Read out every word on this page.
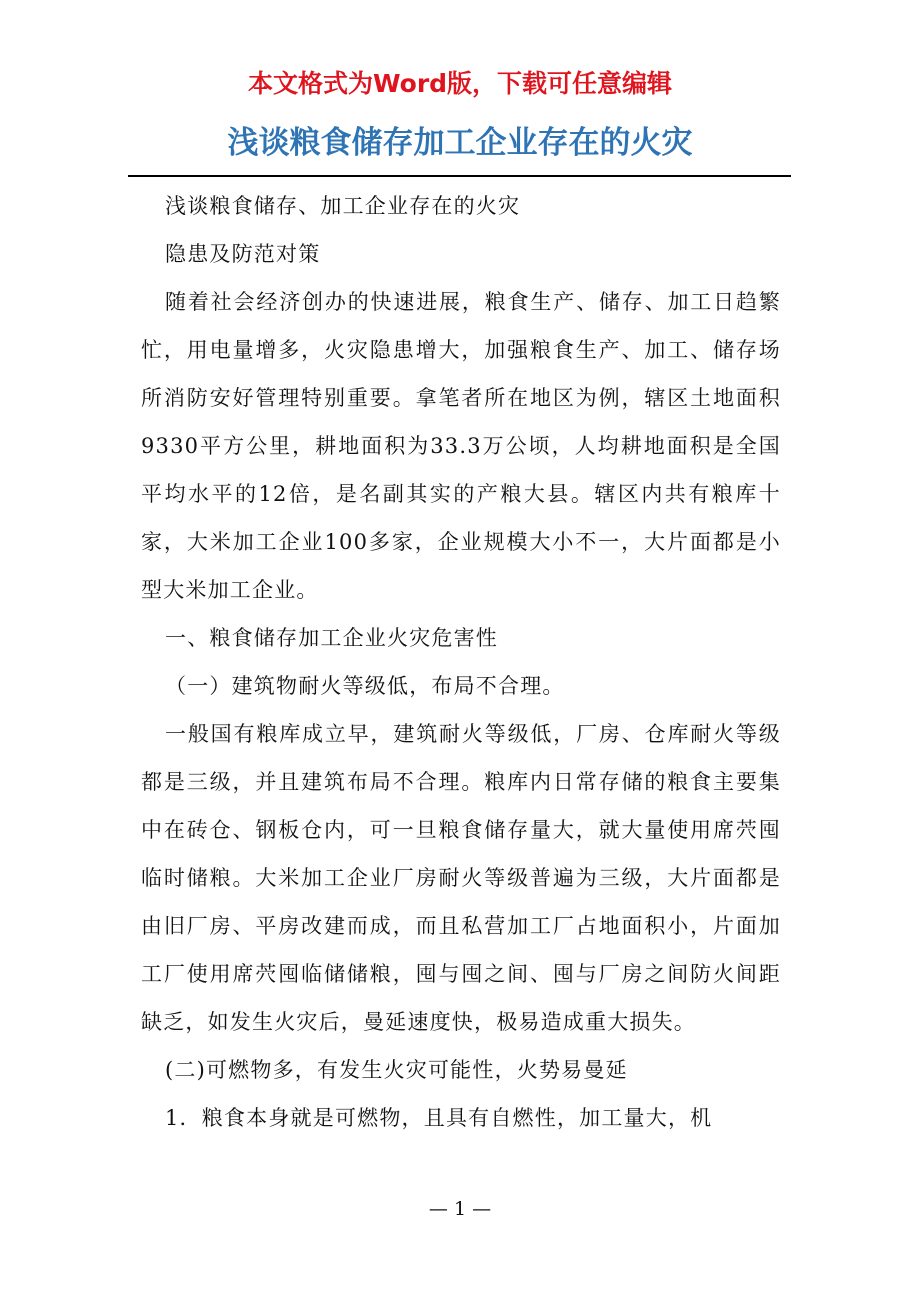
本文格式为Word版，下载可任意编辑
浅谈粮食储存加工企业存在的火灾

浅谈粮食储存、加工企业存在的火灾

隐患及防范对策

随着社会经济创办的快速进展，粮食生产、储存、加工日趋繁忙，用电量增多，火灾隐患增大，加强粮食生产、加工、储存场所消防安好管理特别重要。拿笔者所在地区为例，辖区土地面积9330平方公里，耕地面积为33.3万公顷，人均耕地面积是全国平均水平的12倍，是名副其实的产粮大县。辖区内共有粮库十家，大米加工企业100多家，企业规模大小不一，大片面都是小型大米加工企业。

一、粮食储存加工企业火灾危害性

（一）建筑物耐火等级低，布局不合理。

一般国有粮库成立早，建筑耐火等级低，厂房、仓库耐火等级都是三级，并且建筑布局不合理。粮库内日常存储的粮食主要集中在砖仓、钢板仓内，可一旦粮食储存量大，就大量使用席茓囤临时储粮。大米加工企业厂房耐火等级普遍为三级，大片面都是由旧厂房、平房改建而成，而且私营加工厂占地面积小，片面加工厂使用席茓囤临储储粮，囤与囤之间、囤与厂房之间防火间距缺乏，如发生火灾后，曼延速度快，极易造成重大损失。

(二)可燃物多，有发生火灾可能性，火势易曼延

1．粮食本身就是可燃物，且具有自燃性，加工量大，机

— 1 —
